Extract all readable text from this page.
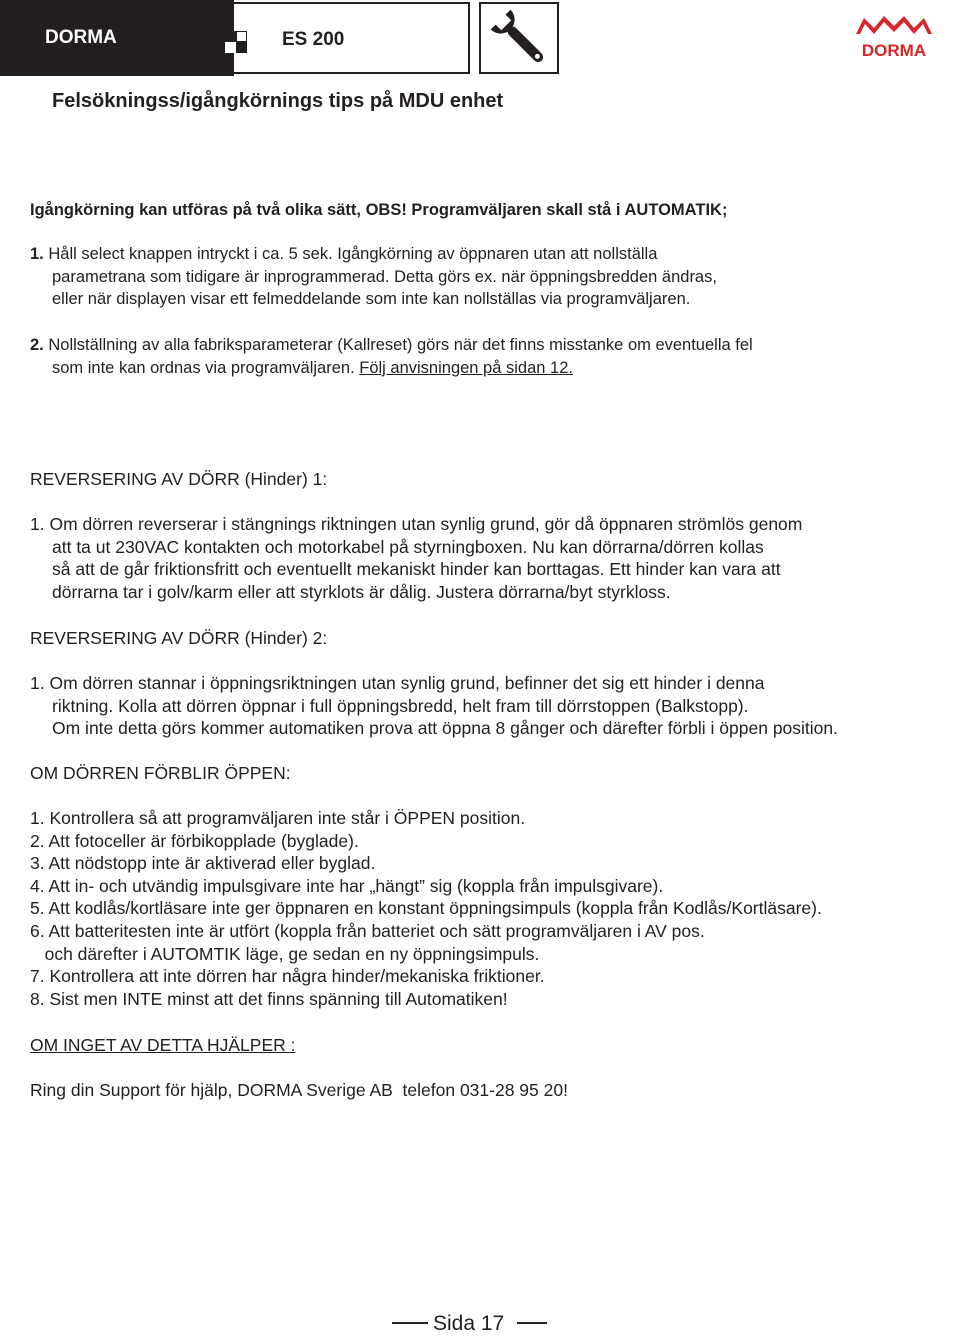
DORMA	ES 200
DORMA
Felsökningss/igångkörnings tips på MDU enhet
Igångkörning kan utföras på två olika sätt, OBS! Programväljaren skall stå i AUTOMATIK;
1. Håll select knappen intryckt i ca. 5 sek. Igångkörning av öppnaren utan att nollställa
parametrana som tidigare är inprogrammerad. Detta görs ex. när öppningsbredden ändras,
eller när displayen visar ett felmeddelande som inte kan nollställas via programväljaren.
2. Nollställning av alla fabriksparameterar (Kallreset) görs när det finns misstanke om eventuella fel
som inte kan ordnas via programväljaren. Följ anvisningen på sidan 12.
REVERSERING AV DÖRR (Hinder) 1:
1. Om dörren reverserar i stängnings riktningen utan synlig grund, gör då öppnaren strömlös genom
att ta ut 230VAC kontakten och motorkabel på styrningboxen. Nu kan dörrarna/dörren kollas
så att de går friktionsfritt och eventuellt mekaniskt hinder kan borttagas. Ett hinder kan vara att
dörrarna tar i golv/karm eller att styrklots är dålig. Justera dörrarna/byt styrkloss.
REVERSERING AV DÖRR (Hinder) 2:
1. Om dörren stannar i öppningsriktningen utan synlig grund, befinner det sig ett hinder i denna
riktning. Kolla att dörren öppnar i full öppningsbredd, helt fram till dörrstoppen (Balkstopp).
Om inte detta görs kommer automatiken prova att öppna 8 gånger och därefter förbli i öppen position.
OM DÖRREN FÖRBLIR ÖPPEN:
1. Kontrollera så att programväljaren inte står i ÖPPEN position.
2. Att fotoceller är förbikopplade (byglade).
3. Att nödstopp inte är aktiverad eller byglad.
4. Att in- och utvändig impulsgivare inte har „hängt” sig (koppla från impulsgivare).
5. Att kodlås/kortläsare inte ger öppnaren en konstant öppningsimpuls (koppla från Kodlås/Kortläsare).
6. Att batteritesten inte är utfört (koppla från batteriet och sätt programväljaren i AV pos.
och därefter i AUTOMTIK läge, ge sedan en ny öppningsimpuls.
7. Kontrollera att inte dörren har några hinder/mekaniska friktioner.
8. Sist men INTE minst att det finns spänning till Automatiken!
OM INGET AV DETTA HJÄLPER :
Ring din Support för hjälp, DORMA Sverige AB  telefon 031-28 95 20!
Sida 17
